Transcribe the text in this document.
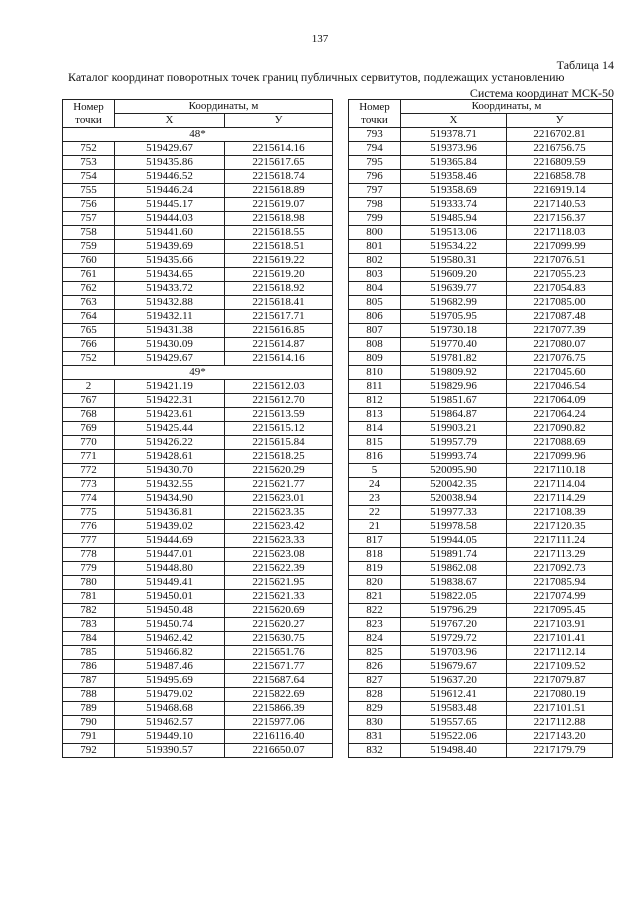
137
Таблица 14
Каталог координат поворотных точек границ публичных сервитутов, подлежащих установлению
Система координат МСК-50
Номер точки	Координаты, м	
	X	У
48*		
752	519429.67	2215614.16
753	519435.86	2215617.65
754	519446.52	2215618.74
755	519446.24	2215618.89
756	519445.17	2215619.07
757	519444.03	2215618.98
758	519441.60	2215618.55
759	519439.69	2215618.51
760	519435.66	2215619.22
761	519434.65	2215619.20
762	519433.72	2215618.92
763	519432.88	2215618.41
764	519432.11	2215617.71
765	519431.38	2215616.85
766	519430.09	2215614.87
752	519429.67	2215614.16
49*		
2	519421.19	2215612.03
767	519422.31	2215612.70
768	519423.61	2215613.59
769	519425.44	2215615.12
770	519426.22	2215615.84
771	519428.61	2215618.25
772	519430.70	2215620.29
773	519432.55	2215621.77
774	519434.90	2215623.01
775	519436.81	2215623.35
776	519439.02	2215623.42
777	519444.69	2215623.33
778	519447.01	2215623.08
779	519448.80	2215622.39
780	519449.41	2215621.95
781	519450.01	2215621.33
782	519450.48	2215620.69
783	519450.74	2215620.27
784	519462.42	2215630.75
785	519466.82	2215651.76
786	519487.46	2215671.77
787	519495.69	2215687.64
788	519479.02	2215822.69
789	519468.68	2215866.39
790	519462.57	2215977.06
791	519449.10	2216116.40
792	519390.57	2216650.07
Номер точки	Координаты, м	
	X	У
793	519378.71	2216702.81
794	519373.96	2216756.75
795	519365.84	2216809.59
796	519358.46	2216858.78
797	519358.69	2216919.14
798	519333.74	2217140.53
799	519485.94	2217156.37
800	519513.06	2217118.03
801	519534.22	2217099.99
802	519580.31	2217076.51
803	519609.20	2217055.23
804	519639.77	2217054.83
805	519682.99	2217085.00
806	519705.95	2217087.48
807	519730.18	2217077.39
808	519770.40	2217080.07
809	519781.82	2217076.75
810	519809.92	2217045.60
811	519829.96	2217046.54
812	519851.67	2217064.09
813	519864.87	2217064.24
814	519903.21	2217090.82
815	519957.79	2217088.69
816	519993.74	2217099.96
5	520095.90	2217110.18
24	520042.35	2217114.04
23	520038.94	2217114.29
22	519977.33	2217108.39
21	519978.58	2217120.35
817	519944.05	2217111.24
818	519891.74	2217113.29
819	519862.08	2217092.73
820	519838.67	2217085.94
821	519822.05	2217074.99
822	519796.29	2217095.45
823	519767.20	2217103.91
824	519729.72	2217101.41
825	519703.96	2217112.14
826	519679.67	2217109.52
827	519637.20	2217079.87
828	519612.41	2217080.19
829	519583.48	2217101.51
830	519557.65	2217112.88
831	519522.06	2217143.20
832	519498.40	2217179.79
